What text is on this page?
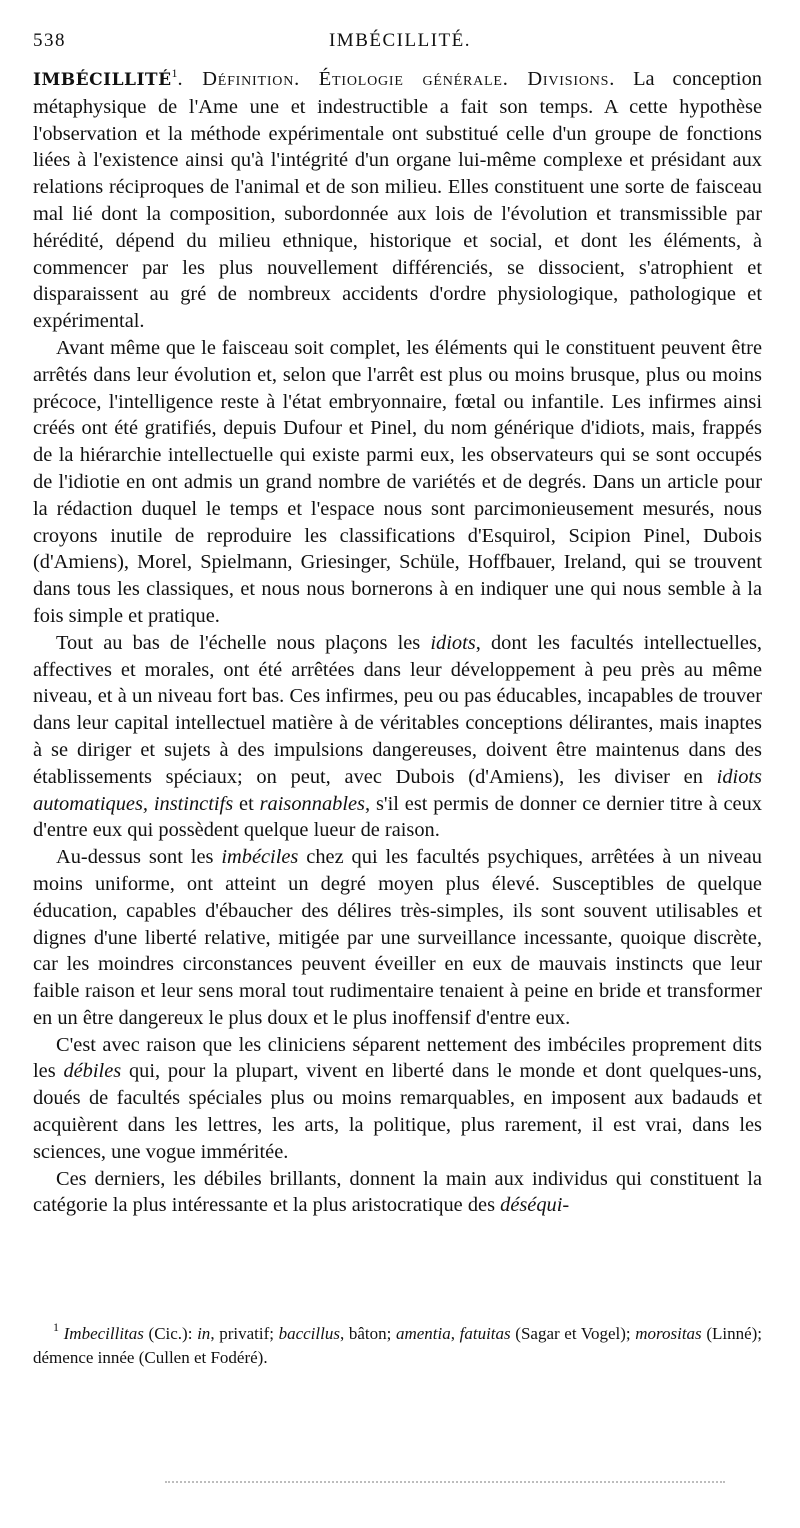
538	IMBÉCILLITÉ.

IMBÉCILLITÉ$^1$. Définition. Étiologie générale. Divisions. La conception métaphysique de l'Ame une et indestructible a fait son temps. A cette hypothèse l'observation et la méthode expérimentale ont substitué celle d'un groupe de fonctions liées à l'existence ainsi qu'à l'intégrité d'un organe lui-même complexe et présidant aux relations réciproques de l'animal et de son milieu. Elles constituent une sorte de faisceau mal lié dont la composition, subordonnée aux lois de l'évolution et transmissible par hérédité, dépend du milieu ethnique, historique et social, et dont les éléments, à commencer par les plus nouvellement différenciés, se dissocient, s'atrophient et disparaissent au gré de nombreux accidents d'ordre physiologique, pathologique et expérimental.

Avant même que le faisceau soit complet, les éléments qui le constituent peuvent être arrêtés dans leur évolution et, selon que l'arrêt est plus ou moins brusque, plus ou moins précoce, l'intelligence reste à l'état embryonnaire, fœtal ou infantile. Les infirmes ainsi créés ont été gratifiés, depuis Dufour et Pinel, du nom générique d'idiots, mais, frappés de la hiérarchie intellectuelle qui existe parmi eux, les observateurs qui se sont occupés de l'idiotie en ont admis un grand nombre de variétés et de degrés. Dans un article pour la rédaction duquel le temps et l'espace nous sont parcimonieusement mesurés, nous croyons inutile de reproduire les classifications d'Esquirol, Scipion Pinel, Dubois (d'Amiens), Morel, Spielmann, Griesinger, Schüle, Hoffbauer, Ireland, qui se trouvent dans tous les classiques, et nous nous bornerons à en indiquer une qui nous semble à la fois simple et pratique.

Tout au bas de l'échelle nous plaçons les idiots, dont les facultés intellectuelles, affectives et morales, ont été arrêtées dans leur développement à peu près au même niveau, et à un niveau fort bas. Ces infirmes, peu ou pas éducables, incapables de trouver dans leur capital intellectuel matière à de véritables conceptions délirantes, mais inaptes à se diriger et sujets à des impulsions dangereuses, doivent être maintenus dans des établissements spéciaux; on peut, avec Dubois (d'Amiens), les diviser en idiots automatiques, instinctifs et raisonnables, s'il est permis de donner ce dernier titre à ceux d'entre eux qui possèdent quelque lueur de raison.

Au-dessus sont les imbéciles chez qui les facultés psychiques, arrêtées à un niveau moins uniforme, ont atteint un degré moyen plus élevé. Susceptibles de quelque éducation, capables d'ébaucher des délires très-simples, ils sont souvent utilisables et dignes d'une liberté relative, mitigée par une surveillance incessante, quoique discrète, car les moindres circonstances peuvent éveiller en eux de mauvais instincts que leur faible raison et leur sens moral tout rudimentaire tenaient à peine en bride et transformer en un être dangereux le plus doux et le plus inoffensif d'entre eux.

C'est avec raison que les cliniciens séparent nettement des imbéciles proprement dits les débiles qui, pour la plupart, vivent en liberté dans le monde et dont quelques-uns, doués de facultés spéciales plus ou moins remarquables, en imposent aux badauds et acquièrent dans les lettres, les arts, la politique, plus rarement, il est vrai, dans les sciences, une vogue imméritée.

Ces derniers, les débiles brillants, donnent la main aux individus qui constituent la catégorie la plus intéressante et la plus aristocratique des déséqui-

$^1$ Imbecillitas (Cic.): in, privatif; baccillus, bâton; amentia, fatuitas (Sagar et Vogel); morositas (Linné); démence innée (Cullen et Fodéré).
